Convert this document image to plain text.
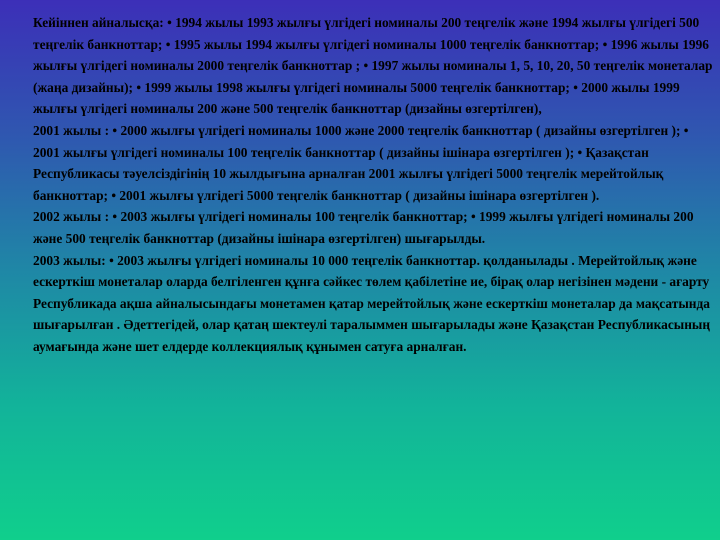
Кейіннен айналысқа: • 1994 жылы 1993 жылғы үлгідегі номиналы 200 теңгелік және 1994 жылғы үлгідегі 500 теңгелік банкноттар; • 1995 жылы 1994 жылғы үлгідегі номиналы 1000 теңгелік банкноттар; • 1996 жылы 1996 жылғы үлгідегі номиналы 2000 теңгелік банкноттар ; • 1997 жылы номиналы 1, 5, 10, 20, 50 теңгелік монеталар (жаңа дизайны); • 1999 жылы 1998 жылғы үлгідегі номиналы 5000 теңгелік банкноттар; • 2000 жылы 1999 жылғы үлгідегі номиналы 200 және 500 теңгелік банкноттар (дизайны өзгертілген),

2001 жылы : • 2000 жылғы үлгідегі номиналы 1000 және 2000 теңгелік банкноттар ( дизайны өзгертілген ); • 2001 жылғы үлгідегі номиналы 100 теңгелік банкноттар ( дизайны ішінара өзгертілген ); • Қазақстан Республикасы тәуелсіздігінің 10 жылдығына арналған 2001 жылғы үлгідегі 5000 теңгелік мерейтойлық банкноттар; • 2001 жылғы үлгідегі 5000 теңгелік банкноттар ( дизайны ішінара өзгертілген ).

2002 жылы : • 2003 жылғы үлгідегі номиналы 100 теңгелік банкноттар; • 1999 жылғы үлгідегі номиналы 200 және 500 теңгелік банкноттар (дизайны ішінара өзгертілген) шығарылды.

2003 жылы: • 2003 жылғы үлгідегі номиналы 10 000 теңгелік банкноттар. қолданылады . Мерейтойлық және ескерткіш монеталар оларда белгіленген құнға сәйкес төлем қабілетіне ие, бірақ олар негізінен мәдени - ағарту Республикада ақша айналысындағы монетамен қатар мерейтойлық және ескерткіш монеталар да мақсатында шығарылған . Әдеттегідей, олар қатаң шектеулі таралыммен шығарылады және Қазақстан Республикасының аумағында және шет елдерде коллекциялық құнымен сатуға арналған.
